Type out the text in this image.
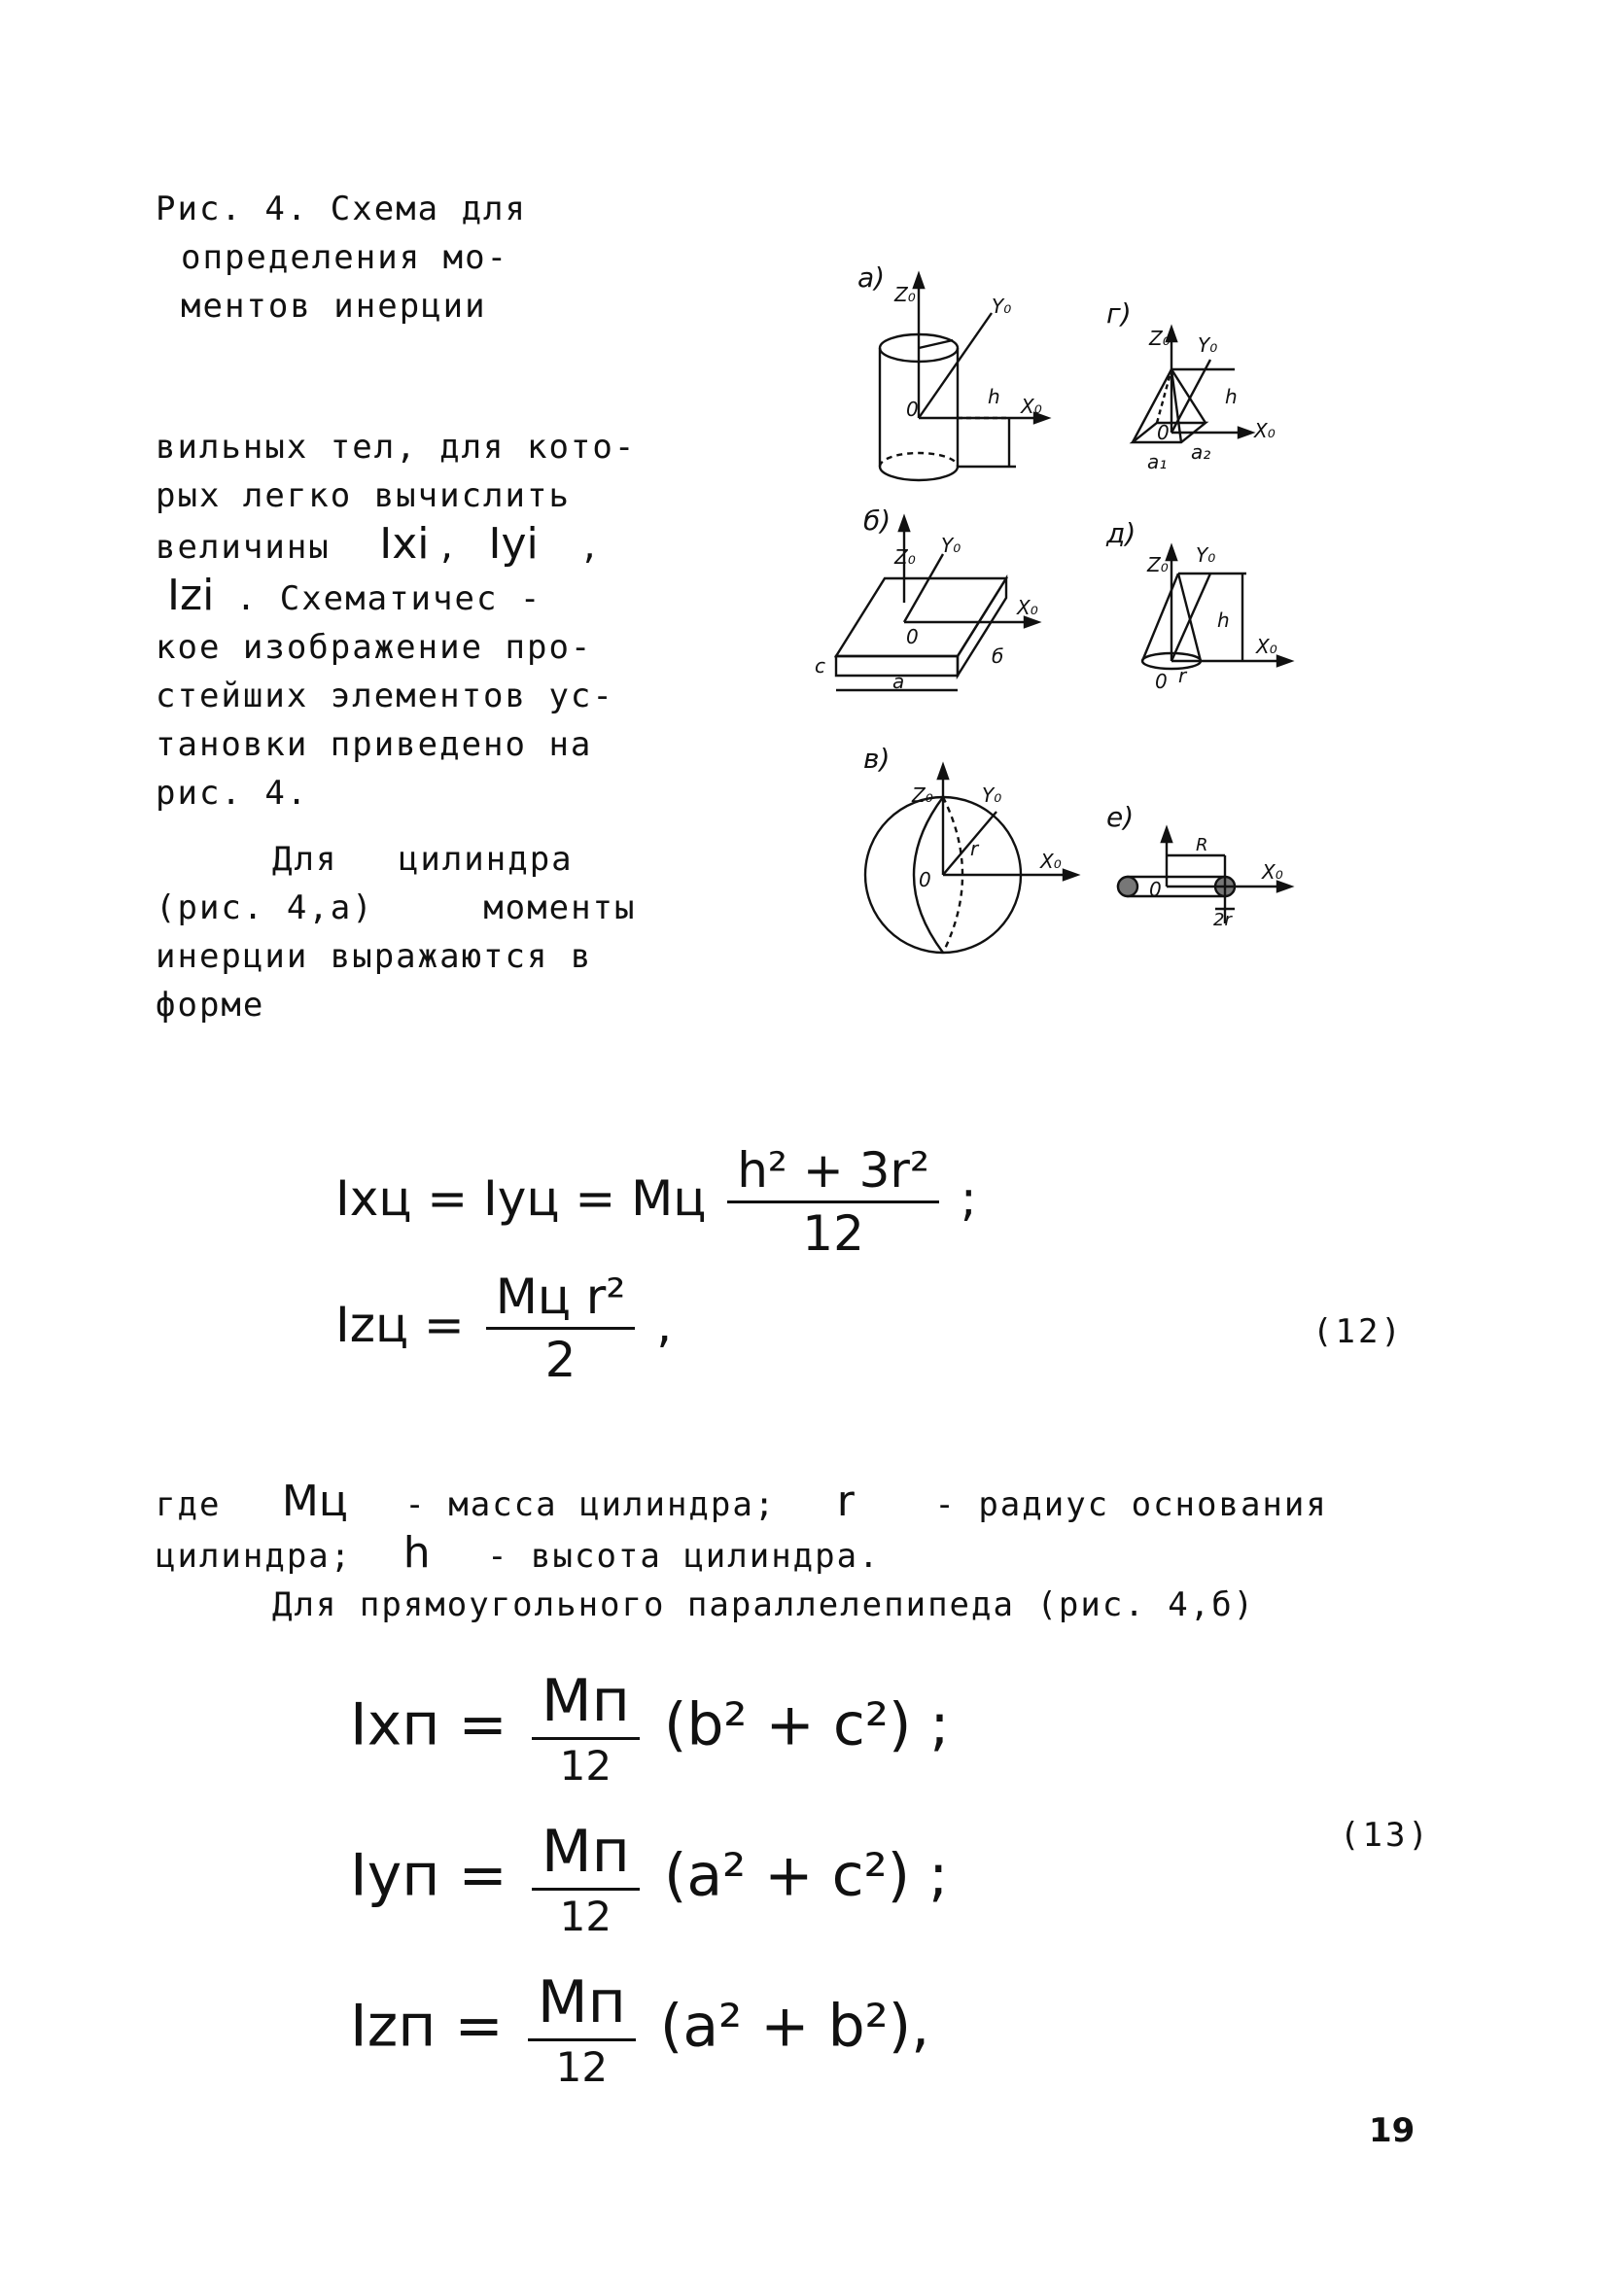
Рис. 4. Схема для
определения мо-
ментов инерции
вильных тел, для кото-
рых легко вычислить
величины Ixi , Iyi ,
Izi . Схематичес -
кое изображение про-
стейших элементов ус-
тановки приведено на
рис. 4.
Для цилиндра
(рис. 4,а)	моменты
инерции выражаются в
форме
а)
Z₀	Y₀
X₀
0
h
б)
Z₀ Y₀
X₀
0
c
a
б
в)
Z₀	Y₀
X₀
0
r
г)
Z₀ Y₀
X₀
0
h
a₁ a₂
д)
Z₀ Y₀
X₀
0 r
h
е)
R
0
X₀
2r
Iхц = Iуц = Mц $\frac{\text{h² + 3r²}}{12}$ ;
Izц = $\frac{\text{Mц r²}}{2}$ ,	(12)
где Mц - масса цилиндра; r - радиус основания
цилиндра; h - высота цилиндра.
Для прямоугольного параллелепипеда (рис. 4,б)
Ixп = $\frac{Mп}{12} (b^2 + c^2)$ ;
Iуп = $\frac{Mп}{12} (a^2 + c^2)$ ;
Izп = $\frac{Mп}{12} (a^2 + b^2)$,
(13)
19
